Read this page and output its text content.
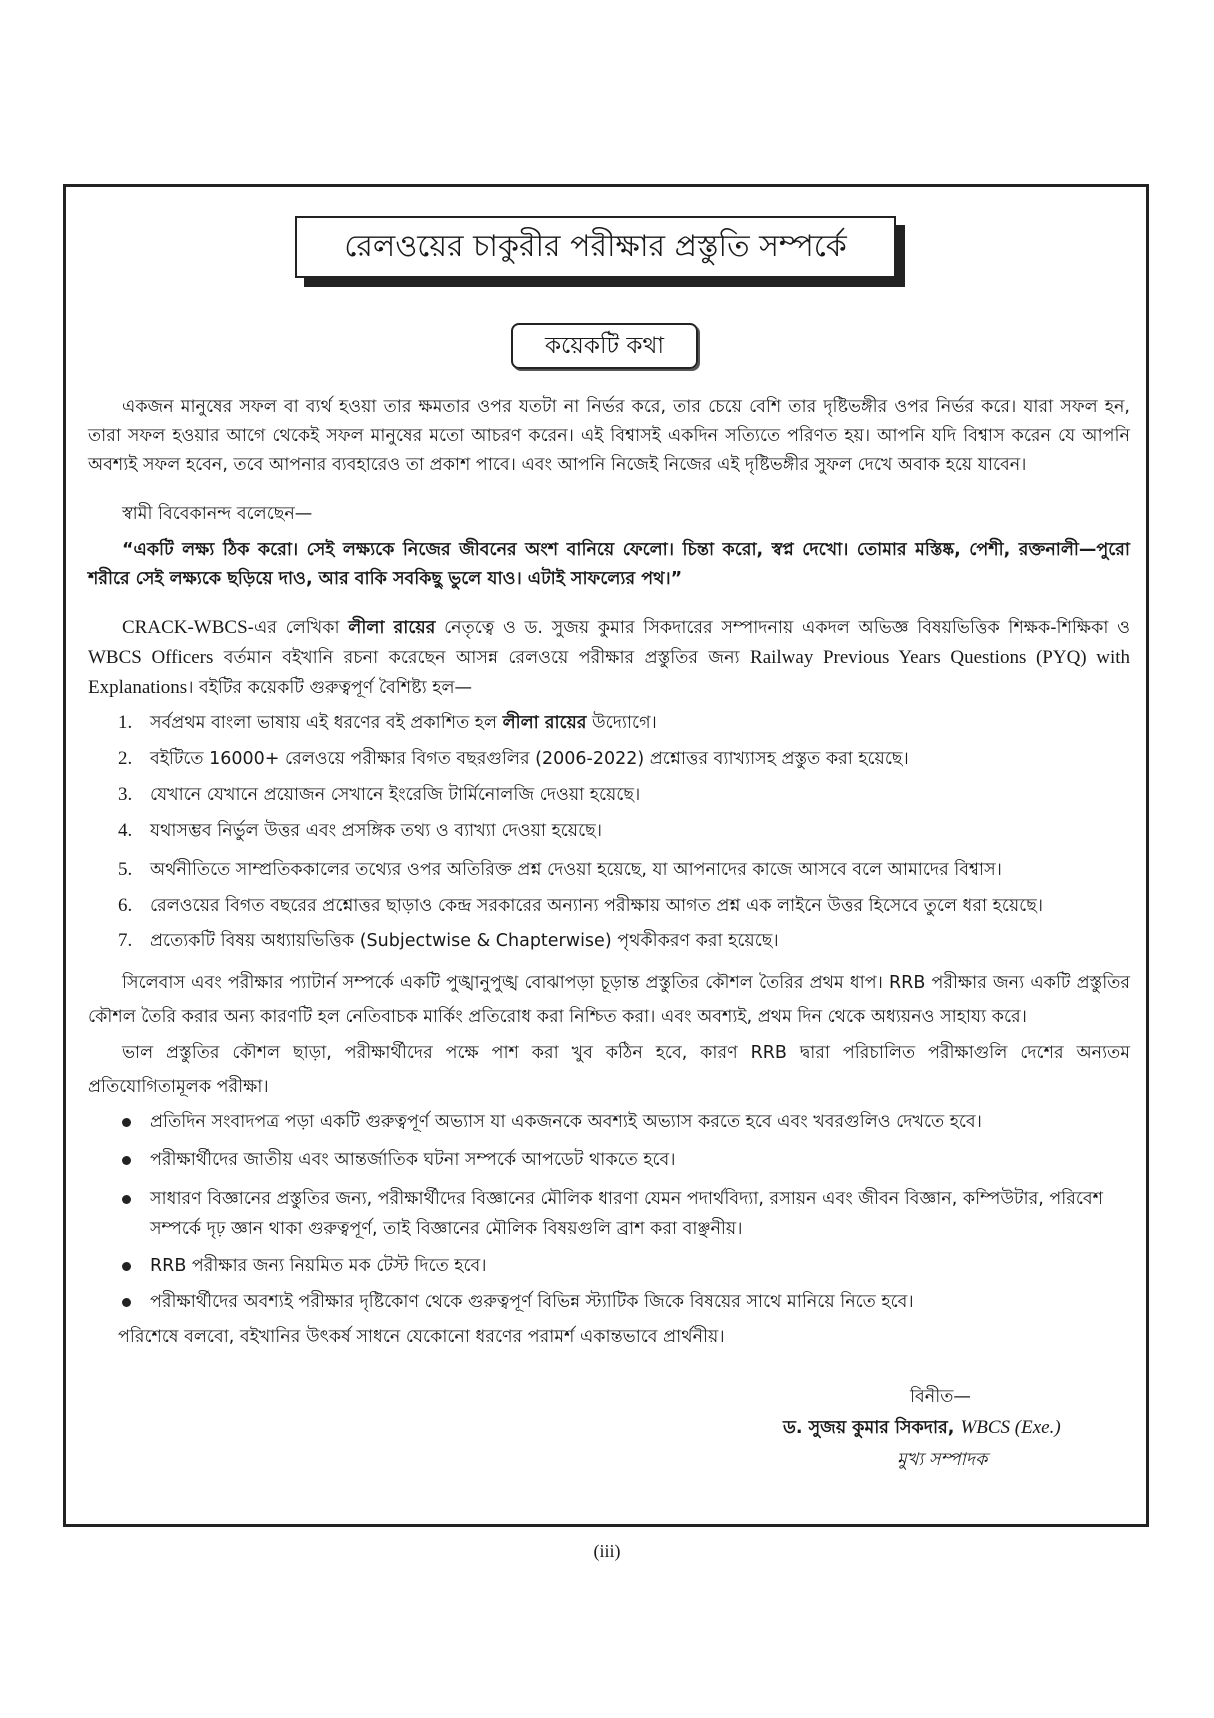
রেলওয়ের চাকুরীর পরীক্ষার প্রস্তুতি সম্পর্কে
কয়েকটি কথা
একজন মানুষের সফল বা ব্যর্থ হওয়া তার ক্ষমতার ওপর যতটা না নির্ভর করে, তার চেয়ে বেশি তার দৃষ্টিভঙ্গীর ওপর নির্ভর করে। যারা সফল হন, তারা সফল হওয়ার আগে থেকেই সফল মানুষের মতো আচরণ করেন। এই বিশ্বাসই একদিন সত্যিতে পরিণত হয়। আপনি যদি বিশ্বাস করেন যে আপনি অবশ্যই সফল হবেন, তবে আপনার ব্যবহারেও তা প্রকাশ পাবে। এবং আপনি নিজেই নিজের এই দৃষ্টিভঙ্গীর সুফল দেখে অবাক হয়ে যাবেন।
স্বামী বিবেকানন্দ বলেছেন—
“একটি লক্ষ্য ঠিক করো। সেই লক্ষ্যকে নিজের জীবনের অংশ বানিয়ে ফেলো। চিন্তা করো, স্বপ্ন দেখো। তোমার মস্তিষ্ক, পেশী, রক্তনালী—পুরো শরীরে সেই লক্ষ্যকে ছড়িয়ে দাও, আর বাকি সবকিছু ভুলে যাও। এটাই সাফল্যের পথ।”
CRACK-WBCS-এর লেখিকা লীলা রায়ের নেতৃত্বে ও ড. সুজয় কুমার সিকদারের সম্পাদনায় একদল অভিজ্ঞ বিষয়ভিত্তিক শিক্ষক-শিক্ষিকা ও WBCS Officers বর্তমান বইখানি রচনা করেছেন আসন্ন রেলওয়ে পরীক্ষার প্রস্তুতির জন্য Railway Previous Years Questions (PYQ) with Explanations। বইটির কয়েকটি গুরুত্বপূর্ণ বৈশিষ্ট্য হল—
1. সর্বপ্রথম বাংলা ভাষায় এই ধরণের বই প্রকাশিত হল লীলা রায়ের উদ্যোগে।
2. বইটিতে 16000+ রেলওয়ে পরীক্ষার বিগত বছরগুলির (2006-2022) প্রশ্নোত্তর ব্যাখ্যাসহ প্রস্তুত করা হয়েছে।
3. যেখানে যেখানে প্রয়োজন সেখানে ইংরেজি টার্মিনোলজি দেওয়া হয়েছে।
4. যথাসম্ভব নির্ভুল উত্তর এবং প্রসঙ্গিক তথ্য ও ব্যাখ্যা দেওয়া হয়েছে।
5. অর্থনীতিতে সাম্প্রতিককালের তথ্যের ওপর অতিরিক্ত প্রশ্ন দেওয়া হয়েছে, যা আপনাদের কাজে আসবে বলে আমাদের বিশ্বাস।
6. রেলওয়ের বিগত বছরের প্রশ্নোত্তর ছাড়াও কেন্দ্র সরকারের অন্যান্য পরীক্ষায় আগত প্রশ্ন এক লাইনে উত্তর হিসেবে তুলে ধরা হয়েছে।
7. প্রত্যেকটি বিষয় অধ্যায়ভিত্তিক (Subjectwise & Chapterwise) পৃথকীকরণ করা হয়েছে।
সিলেবাস এবং পরীক্ষার প্যাটার্ন সম্পর্কে একটি পুঙ্খানুপুঙ্খ বোঝাপড়া চূড়ান্ত প্রস্তুতির কৌশল তৈরির প্রথম ধাপ। RRB পরীক্ষার জন্য একটি প্রস্তুতির কৌশল তৈরি করার অন্য কারণটি হল নেতিবাচক মার্কিং প্রতিরোধ করা নিশ্চিত করা। এবং অবশ্যই, প্রথম দিন থেকে অধ্যয়নও সাহায্য করে।
ভাল প্রস্তুতির কৌশল ছাড়া, পরীক্ষার্থীদের পক্ষে পাশ করা খুব কঠিন হবে, কারণ RRB দ্বারা পরিচালিত পরীক্ষাগুলি দেশের অন্যতম প্রতিযোগিতামূলক পরীক্ষা।
প্রতিদিন সংবাদপত্র পড়া একটি গুরুত্বপূর্ণ অভ্যাস যা একজনকে অবশ্যই অভ্যাস করতে হবে এবং খবরগুলিও দেখতে হবে।
পরীক্ষার্থীদের জাতীয় এবং আন্তর্জাতিক ঘটনা সম্পর্কে আপডেট থাকতে হবে।
সাধারণ বিজ্ঞানের প্রস্তুতির জন্য, পরীক্ষার্থীদের বিজ্ঞানের মৌলিক ধারণা যেমন পদার্থবিদ্যা, রসায়ন এবং জীবন বিজ্ঞান, কম্পিউটার, পরিবেশ সম্পর্কে দৃঢ় জ্ঞান থাকা গুরুত্বপূর্ণ, তাই বিজ্ঞানের মৌলিক বিষয়গুলি ব্রাশ করা বাঞ্ছনীয়।
RRB পরীক্ষার জন্য নিয়মিত মক টেস্ট দিতে হবে।
পরীক্ষার্থীদের অবশ্যই পরীক্ষার দৃষ্টিকোণ থেকে গুরুত্বপূর্ণ বিভিন্ন স্ট্যাটিক জিকে বিষয়ের সাথে মানিয়ে নিতে হবে।
পরিশেষে বলবো, বইখানির উৎকর্ষ সাধনে যেকোনো ধরণের পরামর্শ একান্তভাবে প্রার্থনীয়।
বিনীত—
ড. সুজয় কুমার সিকদার, WBCS (Exe.)
মুখ্য সম্পাদক
(iii)
